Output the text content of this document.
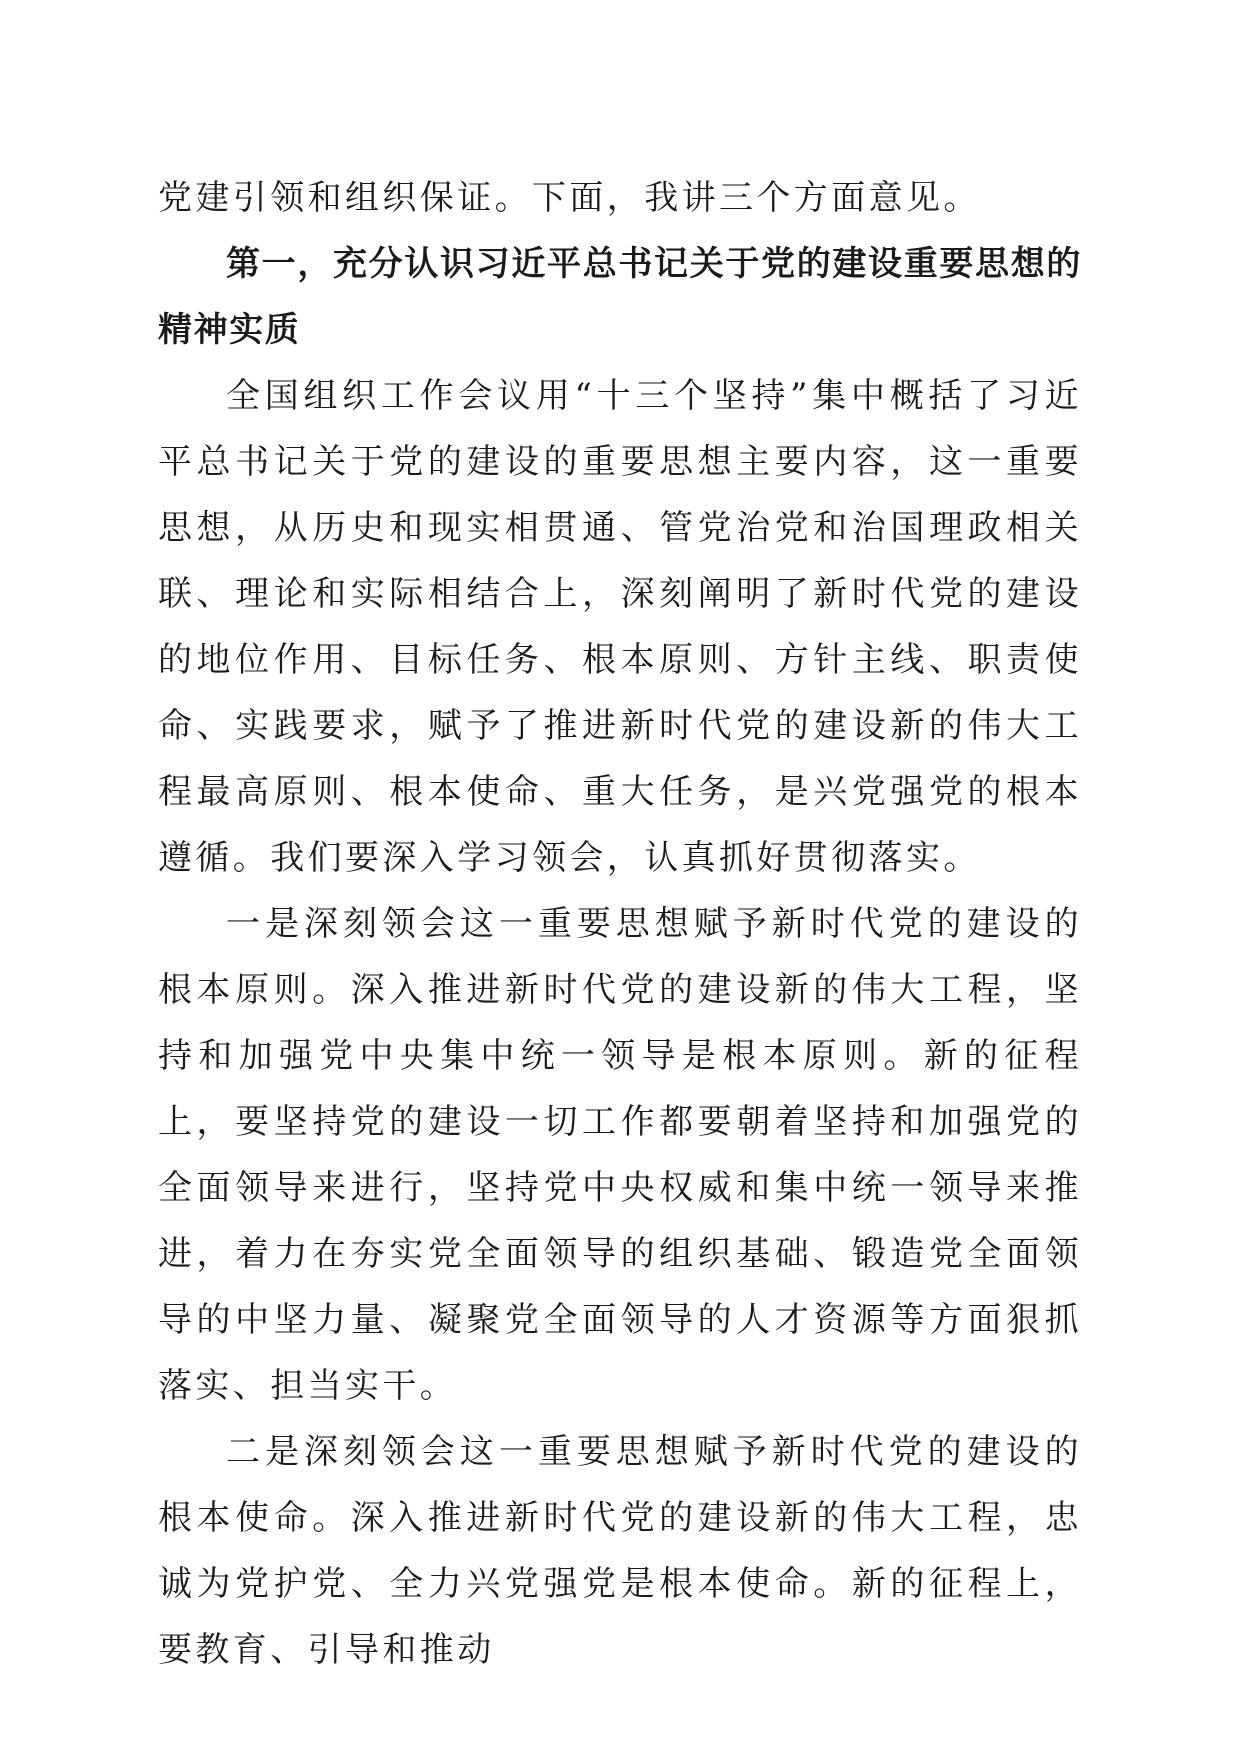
党建引领和组织保证。下面，我讲三个方面意见。

第一，充分认识习近平总书记关于党的建设重要思想的精神实质

全国组织工作会议用“十三个坚持”集中概括了习近平总书记关于党的建设的重要思想主要内容，这一重要思想，从历史和现实相贯通、管党治党和治国理政相关联、理论和实际相结合上，深刻阐明了新时代党的建设的地位作用、目标任务、根本原则、方针主线、职责使命、实践要求，赋予了推进新时代党的建设新的伟大工程最高原则、根本使命、重大任务，是兴党强党的根本遵循。我们要深入学习领会，认真抓好贯彻落实。

一是深刻领会这一重要思想赋予新时代党的建设的根本原则。深入推进新时代党的建设新的伟大工程，坚持和加强党中央集中统一领导是根本原则。新的征程上，要坚持党的建设一切工作都要朝着坚持和加强党的全面领导来进行，坚持党中央权威和集中统一领导来推进，着力在夯实党全面领导的组织基础、锻造党全面领导的中坚力量、凝聚党全面领导的人才资源等方面狠抓落实、担当实干。

二是深刻领会这一重要思想赋予新时代党的建设的根本使命。深入推进新时代党的建设新的伟大工程，忠诚为党护党、全力兴党强党是根本使命。新的征程上，要教育、引导和推动
